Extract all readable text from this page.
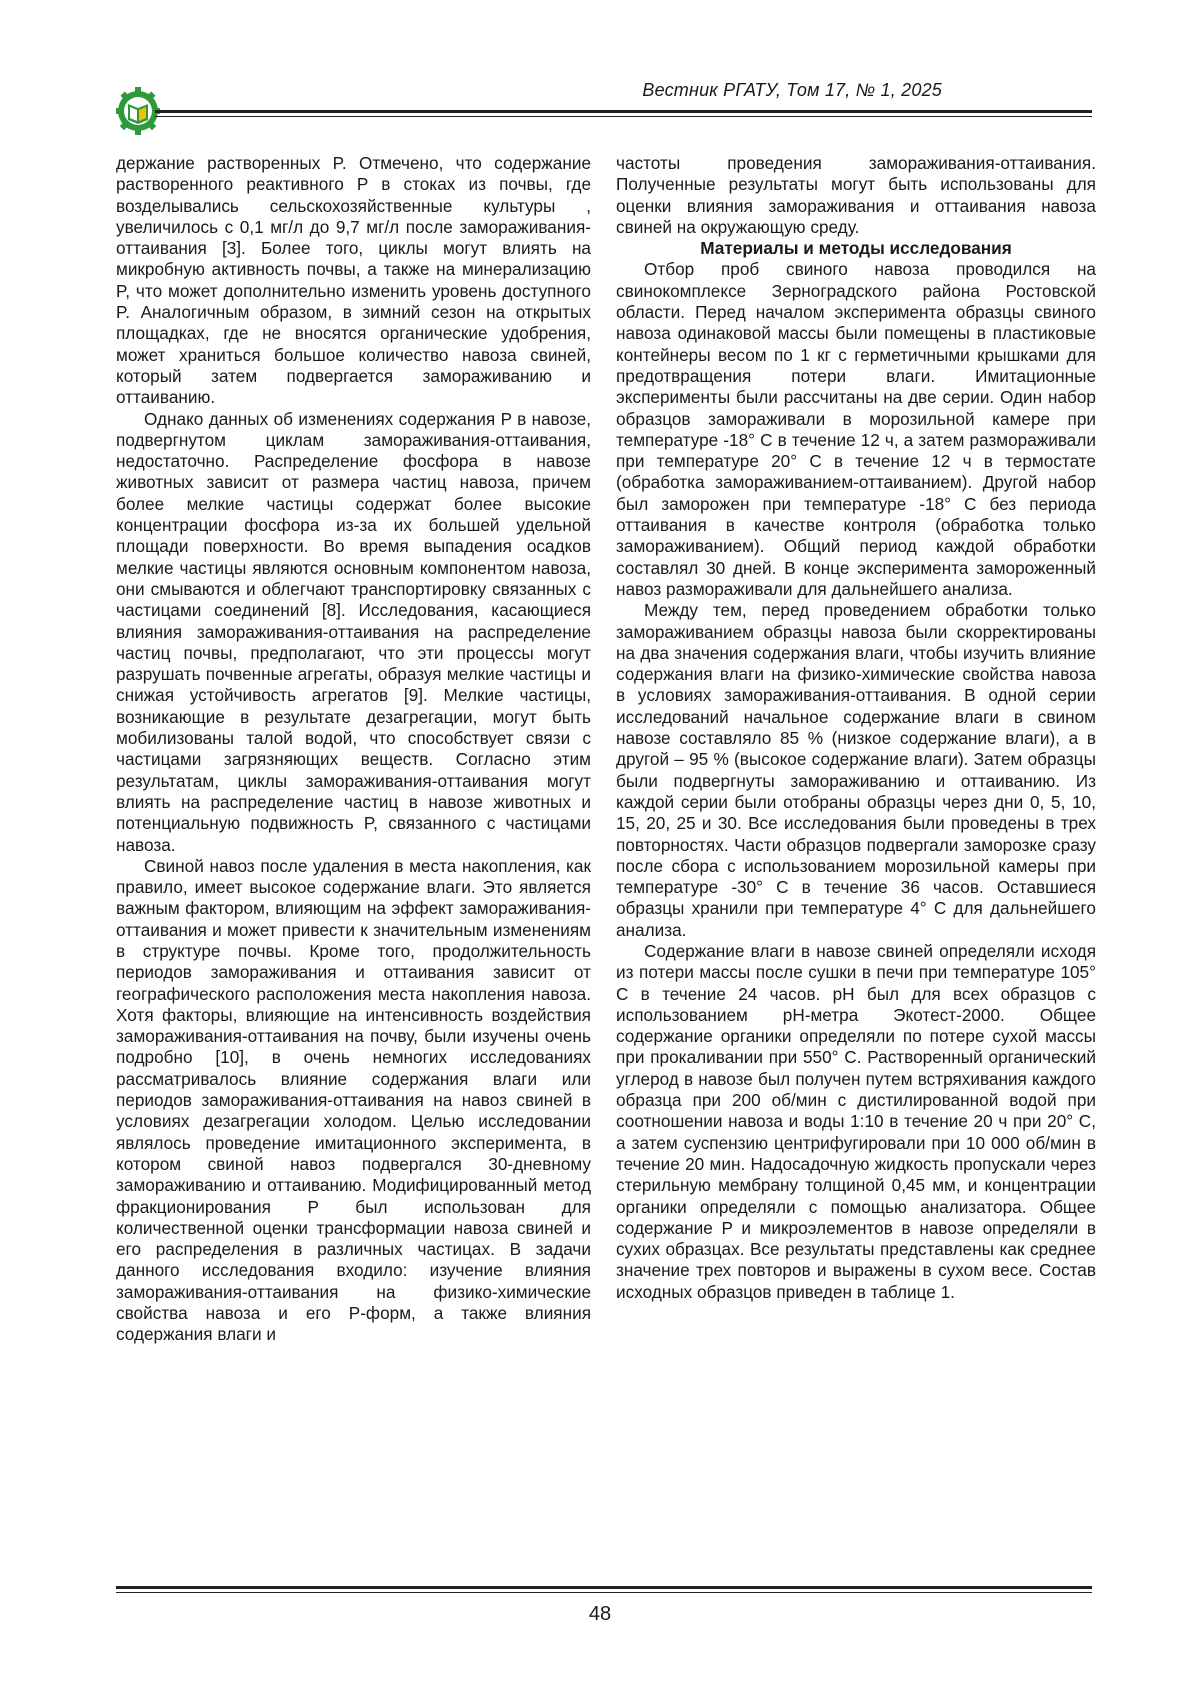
Вестник РГАТУ, Том 17, № 1, 2025

держание растворенных P. Отмечено, что содержание растворенного реактивного P в стоках из почвы, где возделывались сельскохозяйственные культуры , увеличилось с 0,1 мг/л до 9,7 мг/л после замораживания-оттаивания [3]. Более того, циклы могут влиять на микробную активность почвы, а также на минерализацию P, что может дополнительно изменить уровень доступного P. Аналогичным образом, в зимний сезон на открытых площадках, где не вносятся органические удобрения, может храниться большое количество навоза свиней, который затем подвергается замораживанию и оттаиванию.

Однако данных об изменениях содержания P в навозе, подвергнутом циклам замораживания-оттаивания, недостаточно. Распределение фосфора в навозе животных зависит от размера частиц навоза, причем более мелкие частицы содержат более высокие концентрации фосфора из-за их большей удельной площади поверхности. Во время выпадения осадков мелкие частицы являются основным компонентом навоза, они смываются и облегчают транспортировку связанных с частицами соединений [8]. Исследования, касающиеся влияния замораживания-оттаивания на распределение частиц почвы, предполагают, что эти процессы могут разрушать почвенные агрегаты, образуя мелкие частицы и снижая устойчивость агрегатов [9]. Мелкие частицы, возникающие в результате дезагрегации, могут быть мобилизованы талой водой, что способствует связи с частицами загрязняющих веществ. Согласно этим результатам, циклы замораживания-оттаивания могут влиять на распределение частиц в навозе животных и потенциальную подвижность P, связанного с частицами навоза.

Свиной навоз после удаления в места накопления, как правило, имеет высокое содержание влаги. Это является важным фактором, влияющим на эффект замораживания-оттаивания и может привести к значительным изменениям в структуре почвы. Кроме того, продолжительность периодов замораживания и оттаивания зависит от географического расположения места накопления навоза. Хотя факторы, влияющие на интенсивность воздействия замораживания-оттаивания на почву, были изучены очень подробно [10], в очень немногих исследованиях рассматривалось влияние содержания влаги или периодов замораживания-оттаивания на навоз свиней в условиях дезагрегации холодом. Целью исследовании являлось проведение имитационного эксперимента, в котором свиной навоз подвергался 30-дневному замораживанию и оттаиванию. Модифицированный метод фракционирования P был использован для количественной оценки трансформации навоза свиней и его распределения в различных частицах. В задачи данного исследования входило: изучение влияния замораживания-оттаивания на физико-химические свойства навоза и его P-форм, а также влияния содержания влаги и

частоты проведения замораживания-оттаивания. Полученные результаты могут быть использованы для оценки влияния замораживания и оттаивания навоза свиней на окружающую среду.

Материалы и методы исследования

Отбор проб свиного навоза проводился на свинокомплексе Зерноградского района Ростовской области. Перед началом эксперимента образцы свиного навоза одинаковой массы были помещены в пластиковые контейнеры весом по 1 кг с герметичными крышками для предотвращения потери влаги. Имитационные эксперименты были рассчитаны на две серии. Один набор образцов замораживали в морозильной камере при температуре -18° С в течение 12 ч, а затем размораживали при температуре 20° С в течение 12 ч в термостате (обработка замораживанием-оттаиванием). Другой набор был заморожен при температуре -18° С без периода оттаивания в качестве контроля (обработка только замораживанием). Общий период каждой обработки составлял 30 дней. В конце эксперимента замороженный навоз размораживали для дальнейшего анализа.

Между тем, перед проведением обработки только замораживанием образцы навоза были скорректированы на два значения содержания влаги, чтобы изучить влияние содержания влаги на физико-химические свойства навоза в условиях замораживания-оттаивания. В одной серии исследований начальное содержание влаги в свином навозе составляло 85 % (низкое содержание влаги), а в другой – 95 % (высокое содержание влаги). Затем образцы были подвергнуты замораживанию и оттаиванию. Из каждой серии были отобраны образцы через дни 0, 5, 10, 15, 20, 25 и 30. Все исследования были проведены в трех повторностях. Части образцов подвергали заморозке сразу после сбора с использованием морозильной камеры при температуре -30° С в течение 36 часов. Оставшиеся образцы хранили при температуре 4° С для дальнейшего анализа.

Содержание влаги в навозе свиней определяли исходя из потери массы после сушки в печи при температуре 105° С в течение 24 часов. pH был для всех образцов с использованием pH-метра Экотест-2000. Общее содержание органики определяли по потере сухой массы при прокаливании при 550° С. Растворенный органический углерод в навозе был получен путем встряхивания каждого образца при 200 об/мин с дистилированной водой при соотношении навоза и воды 1:10 в течение 20 ч при 20° С, а затем суспензию центрифугировали при 10 000 об/мин в течение 20 мин. Надосадочную жидкость пропускали через стерильную мембрану толщиной 0,45 мм, и концентрации органики определяли с помощью анализатора. Общее содержание P и микроэлементов в навозе определяли в сухих образцах. Все результаты представлены как среднее значение трех повторов и выражены в сухом весе. Состав исходных образцов приведен в таблице 1.

48
